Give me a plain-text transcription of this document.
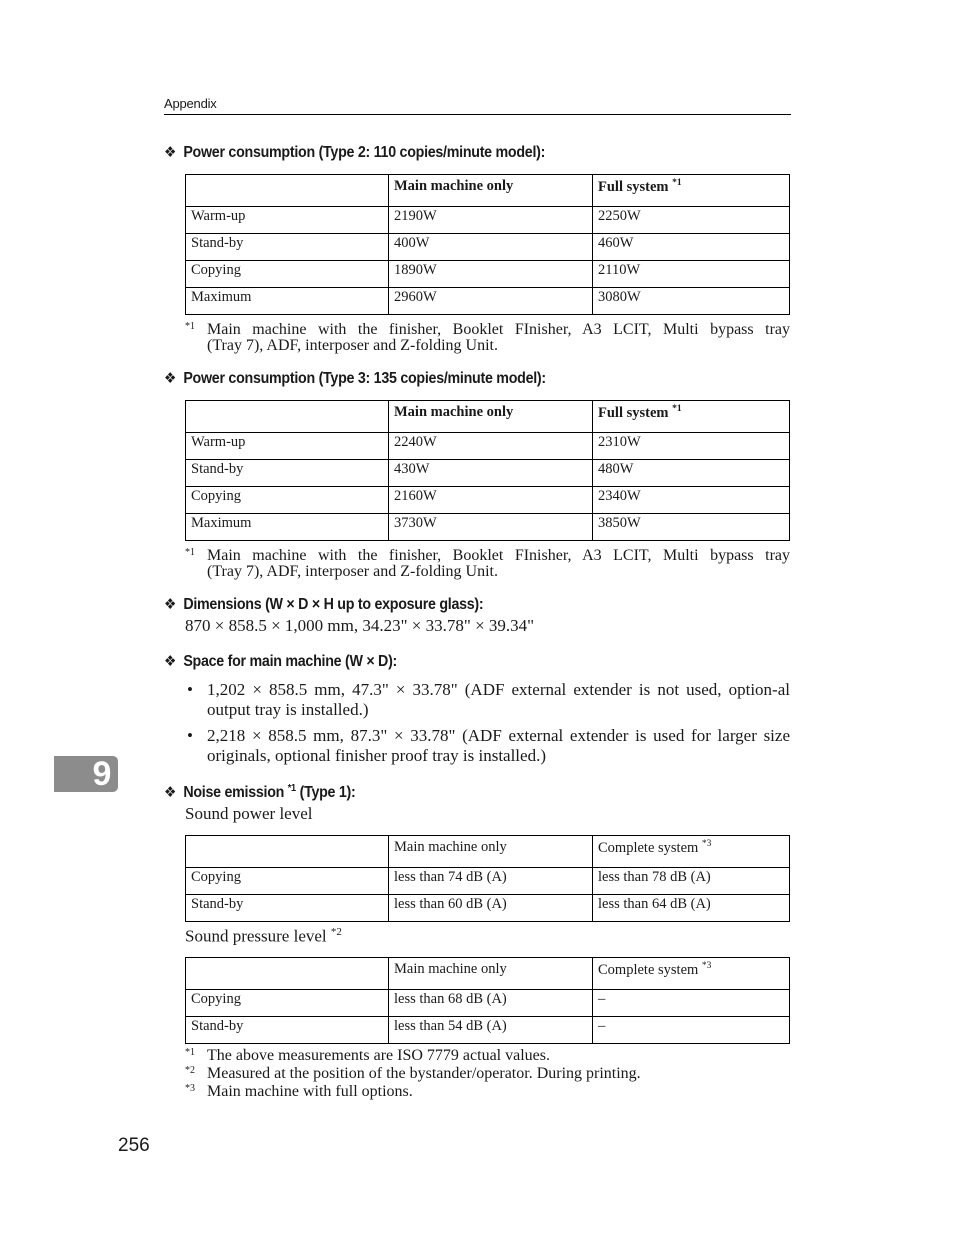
Appendix
❖ Power consumption (Type 2: 110 copies/minute model):
	Main machine only	Full system $^{*1}$
Warm-up	2190W	2250W
Stand-by	400W	460W
Copying	1890W	2110W
Maximum	2960W	3080W
*1 Main machine with the finisher, Booklet FInisher, A3 LCIT, Multi bypass tray
(Tray 7), ADF, interposer and Z-folding Unit.
❖ Power consumption (Type 3: 135 copies/minute model):
	Main machine only	Full system $^{*1}$
Warm-up	2240W	2310W
Stand-by	430W	480W
Copying	2160W	2340W
Maximum	3730W	3850W
*1 Main machine with the finisher, Booklet FInisher, A3 LCIT, Multi bypass tray
(Tray 7), ADF, interposer and Z-folding Unit.
❖ Dimensions (W × D × H up to exposure glass):
870 × 858.5 × 1,000 mm, 34.23" × 33.78" × 39.34"
❖ Space for main machine (W × D):
• 1,202 × 858.5 mm, 47.3" × 33.78" (ADF external extender is not used, option-al output tray is installed.)
• 2,218 × 858.5 mm, 87.3" × 33.78" (ADF external extender is used for larger size originals, optional finisher proof tray is installed.)
9	❖ Noise emission $^{*1}$ (Type 1):
Sound power level
	Main machine only	Complete system $^{*3}$
Copying	less than 74 dB (A)	less than 78 dB (A)
Stand-by	less than 60 dB (A)	less than 64 dB (A)
Sound pressure level $^{*2}$
	Main machine only	Complete system $^{*3}$
Copying	less than 68 dB (A)	–
Stand-by	less than 54 dB (A)	–
*1 The above measurements are ISO 7779 actual values.
*2 Measured at the position of the bystander/operator. During printing.
*3 Main machine with full options.
256
